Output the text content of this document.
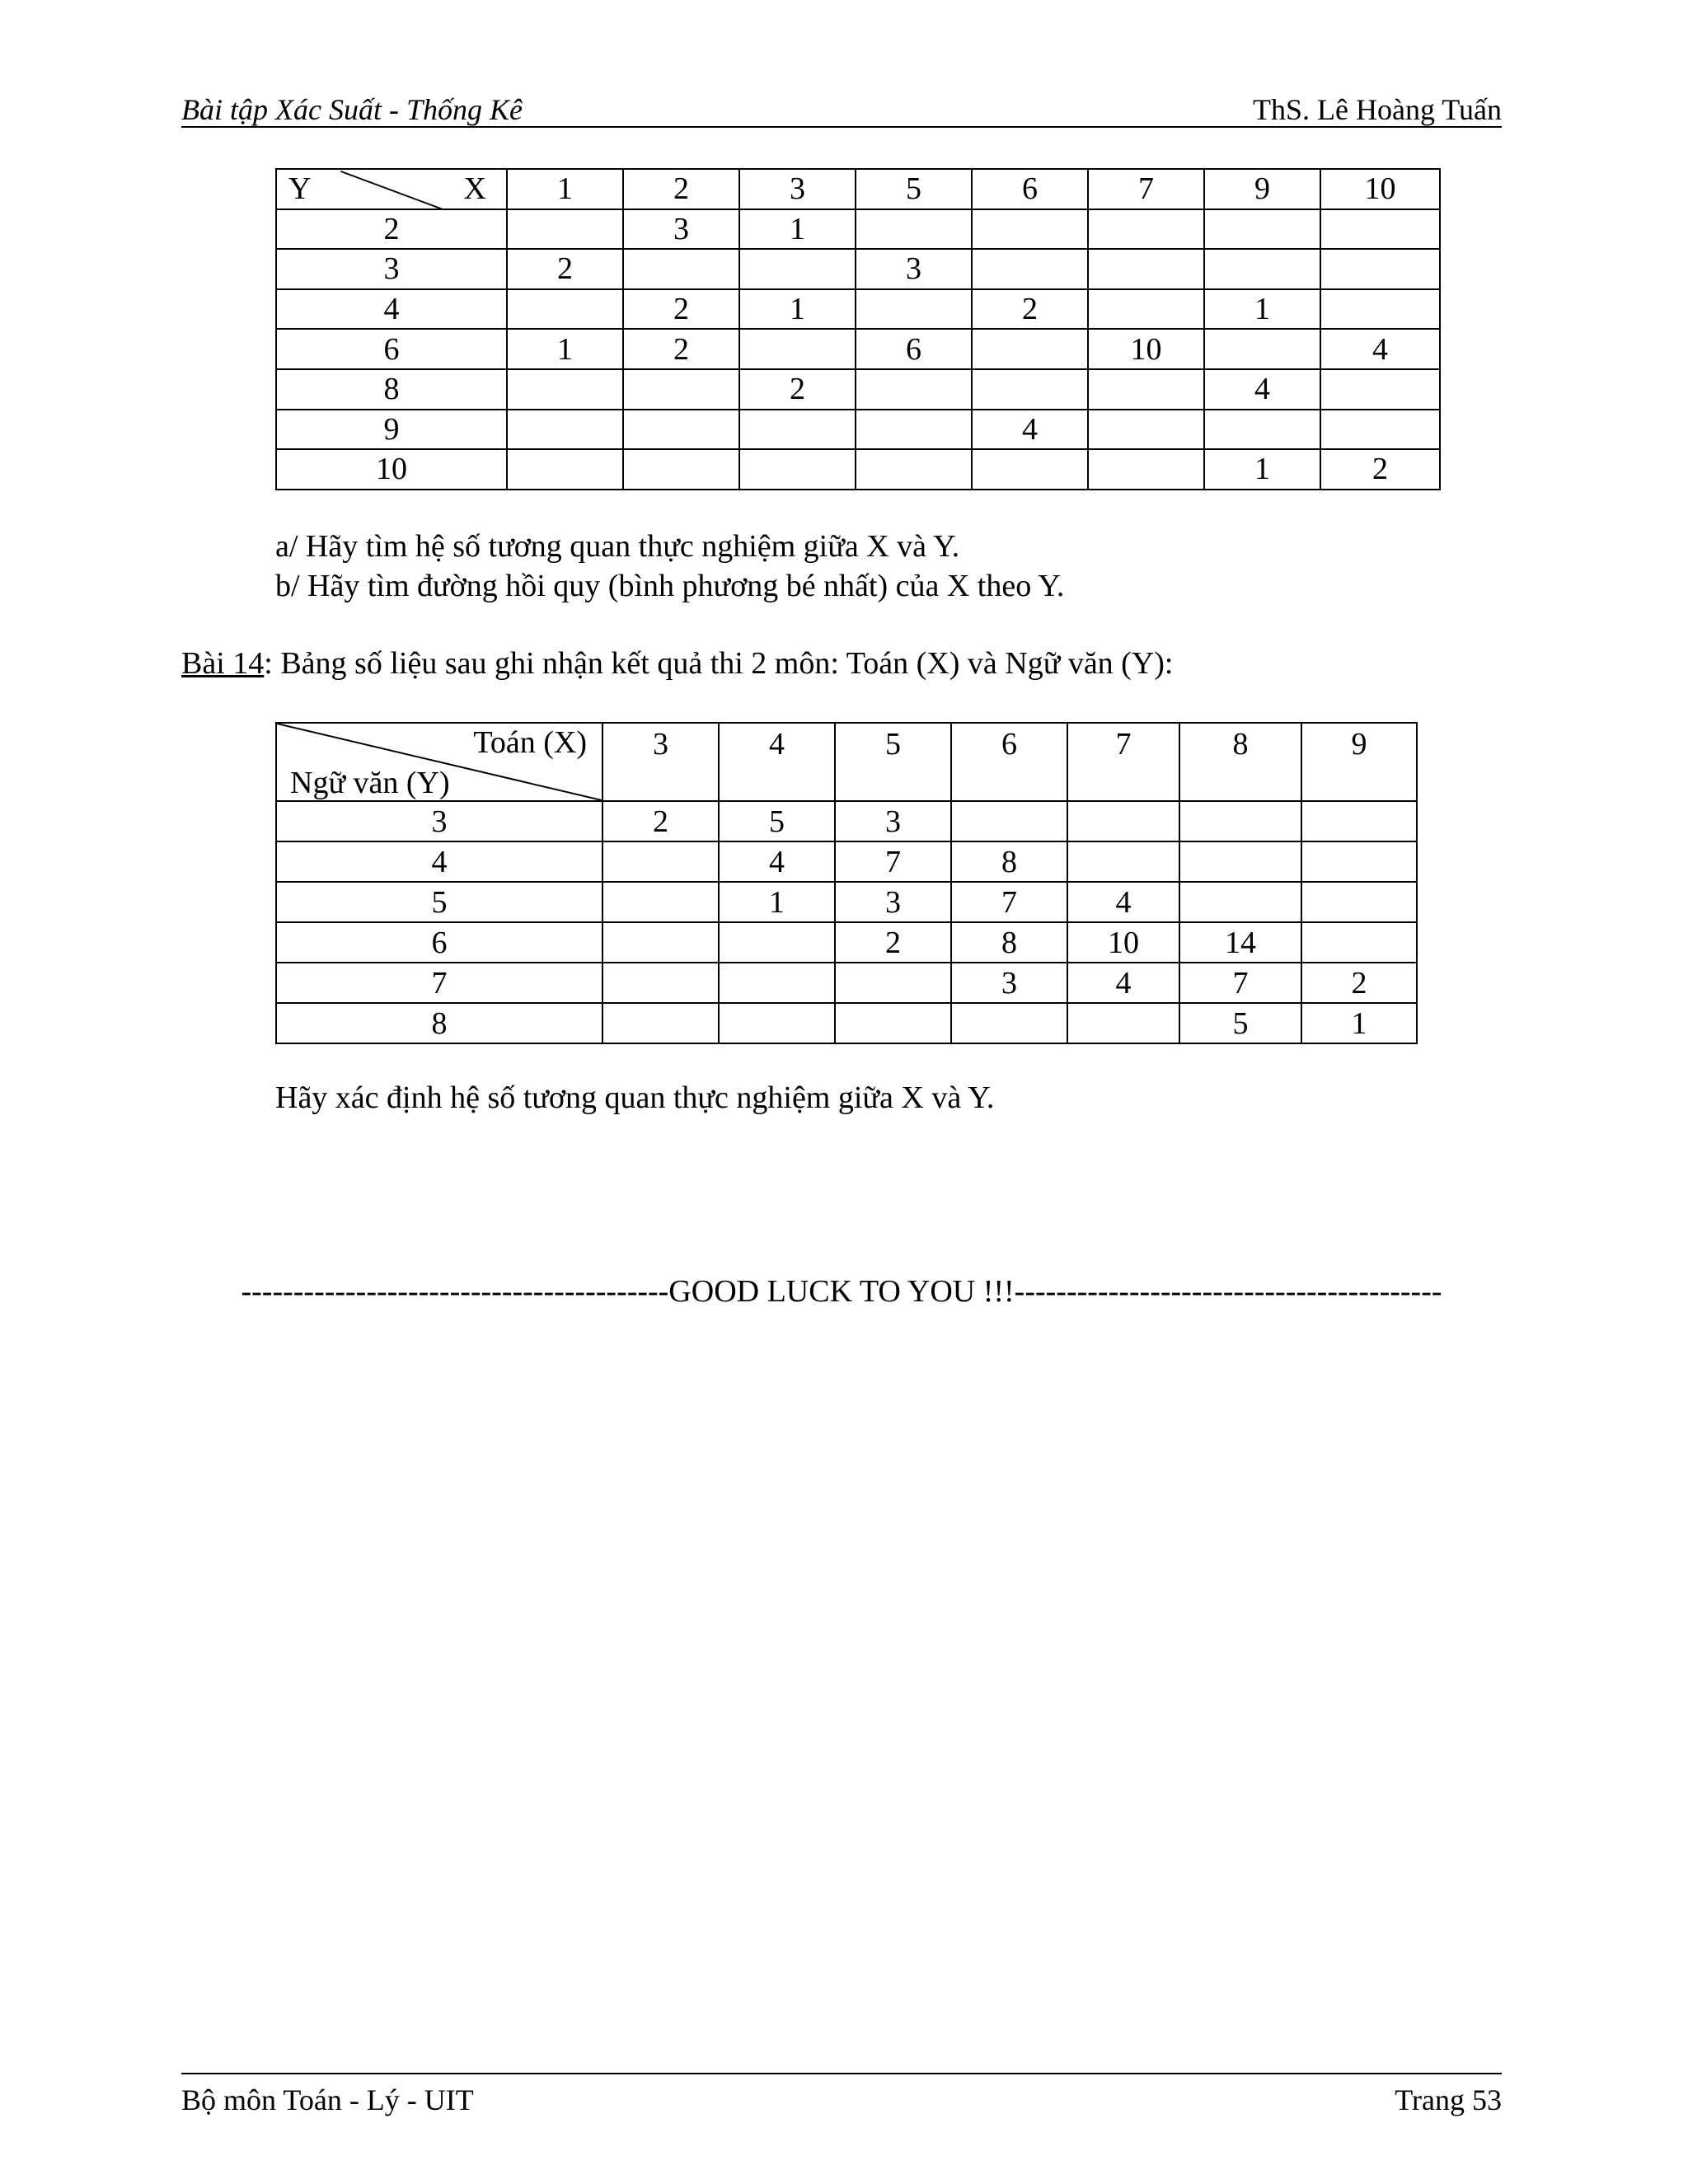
Bài tập Xác Suất - Thống Kê	ThS. Lê Hoàng Tuấn
Y X	1	2	3	5	6	7	9	10
2		3	1					
3	2			3				
4		2	1		2		1	
6	1	2		6		10		4
8			2				4	
9					4			
10							1	2
a/ Hãy tìm hệ số tương quan thực nghiệm giữa X và Y.
b/ Hãy tìm đường hồi quy (bình phương bé nhất) của X theo Y.
Bài 14: Bảng số liệu sau ghi nhận kết quả thi 2 môn: Toán (X) và Ngữ văn (Y):
Toán (X)
Ngữ văn (Y)	3	4	5	6	7	8	9
3	2	5	3				
4		4	7	8			
5		1	3	7	4		
6			2	8	10	14	
7				3	4	7	2
8						5	1
Hãy xác định hệ số tương quan thực nghiệm giữa X và Y.
-----------------------------------------GOOD LUCK TO YOU !!!-----------------------------------------
Bộ môn Toán - Lý - UIT	Trang 53
